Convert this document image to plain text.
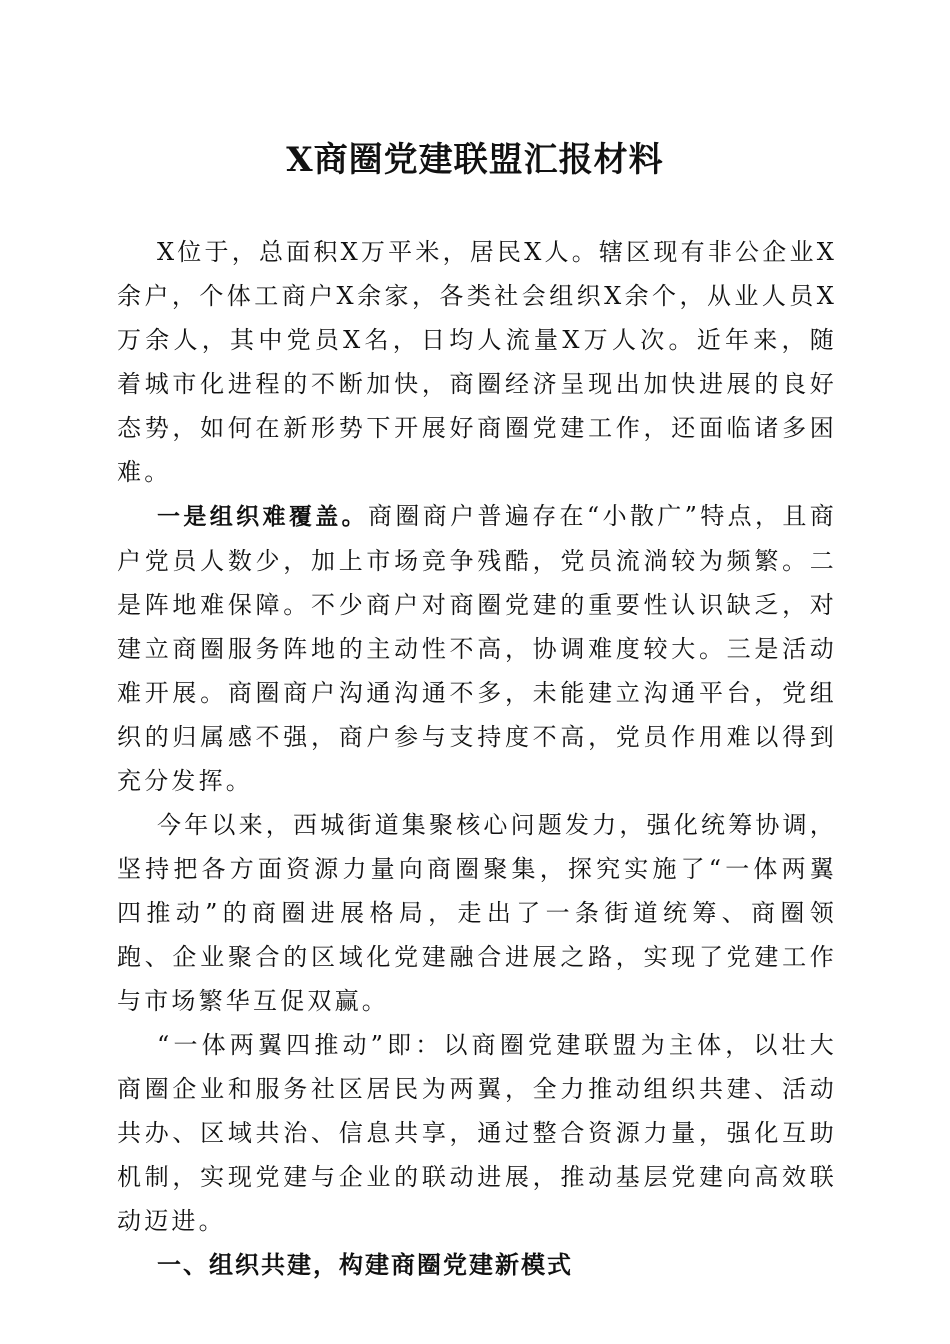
X商圈党建联盟汇报材料

X位于，总面积X万平米，居民X人。辖区现有非公企业X余户，个体工商户X余家，各类社会组织X余个，从业人员X万余人，其中党员X名，日均人流量X万人次。近年来，随着城市化进程的不断加快，商圈经济呈现出加快进展的良好态势，如何在新形势下开展好商圈党建工作，还面临诸多困难。

一是组织难覆盖。商圈商户普遍存在“小散广”特点，且商户党员人数少，加上市场竞争残酷，党员流淌较为频繁。二是阵地难保障。不少商户对商圈党建的重要性认识缺乏，对建立商圈服务阵地的主动性不高，协调难度较大。三是活动难开展。商圈商户沟通沟通不多，未能建立沟通平台，党组织的归属感不强，商户参与支持度不高，党员作用难以得到充分发挥。

今年以来，西城街道集聚核心问题发力，强化统筹协调，坚持把各方面资源力量向商圈聚集，探究实施了“一体两翼四推动”的商圈进展格局，走出了一条街道统筹、商圈领跑、企业聚合的区域化党建融合进展之路，实现了党建工作与市场繁华互促双赢。

“一体两翼四推动”即：以商圈党建联盟为主体，以壮大商圈企业和服务社区居民为两翼，全力推动组织共建、活动共办、区域共治、信息共享，通过整合资源力量，强化互助机制，实现党建与企业的联动进展，推动基层党建向高效联动迈进。

一、组织共建，构建商圈党建新模式
